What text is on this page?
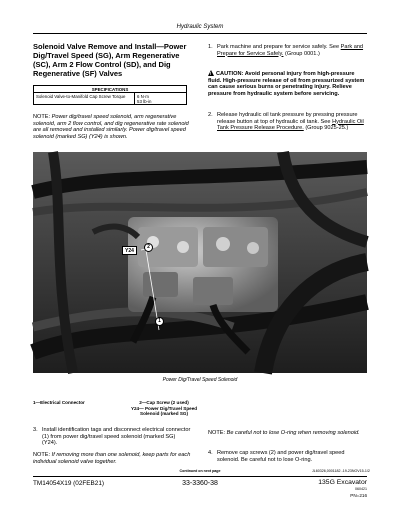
Hydraulic System
Solenoid Valve Remove and Install—Power Dig/Travel Speed (SG), Arm Regenerative (SC), Arm 2 Flow Control (SD), and Dig Regenerative (SF) Valves
SPECIFICATIONS
Solenoid Valve-to-Manifold Cap Screw Torque	6 N·m
53 lb-in
NOTE: Power dig/travel speed solenoid, arm regenerative solenoid, arm 2 flow control, and dig regenerative rate solenoid are all removed and installed similarly. Power dig/travel speed solenoid (marked SG) (Y24) is shown.
1. Park machine and prepare for service safely. See Park and Prepare for Service Safely. (Group 0001.)
!CAUTION: Avoid personal injury from high-pressure fluid. High-pressure release of oil from pressurized system can cause serious burns or penetrating injury. Relieve pressure from hydraulic system before servicing.
2. Release hydraulic oil tank pressure by pressing pressure release button at top of hydraulic oil tank. See Hydraulic Oil Tank Pressure Release Procedure. (Group 9025-25.)
TX1293864 —UN—17MAY21
Y24
2
1
Power Dig/Travel Speed Solenoid
1—Electrical Connector	2—Cap Screw (2 used)
Y24— Power Dig/Travel Speed
Solenoid (marked SG)
3. Install identification tags and disconnect electrical connector (1) from power dig/travel speed solenoid (marked SG) (Y24).
NOTE: Be careful not to lose O-ring when removing solenoid.
NOTE: If removing more than one solenoid, keep parts for each individual solenoid valve together.
4. Remove cap screws (2) and power dig/travel speed solenoid. Be careful not to lose O-ring.
Continued on next page	JL60326,0001182 -19-23NOV15-1/2
TM14054X19 (02FEB21)	33-3360-38	135G Excavator
060421
PN=216
